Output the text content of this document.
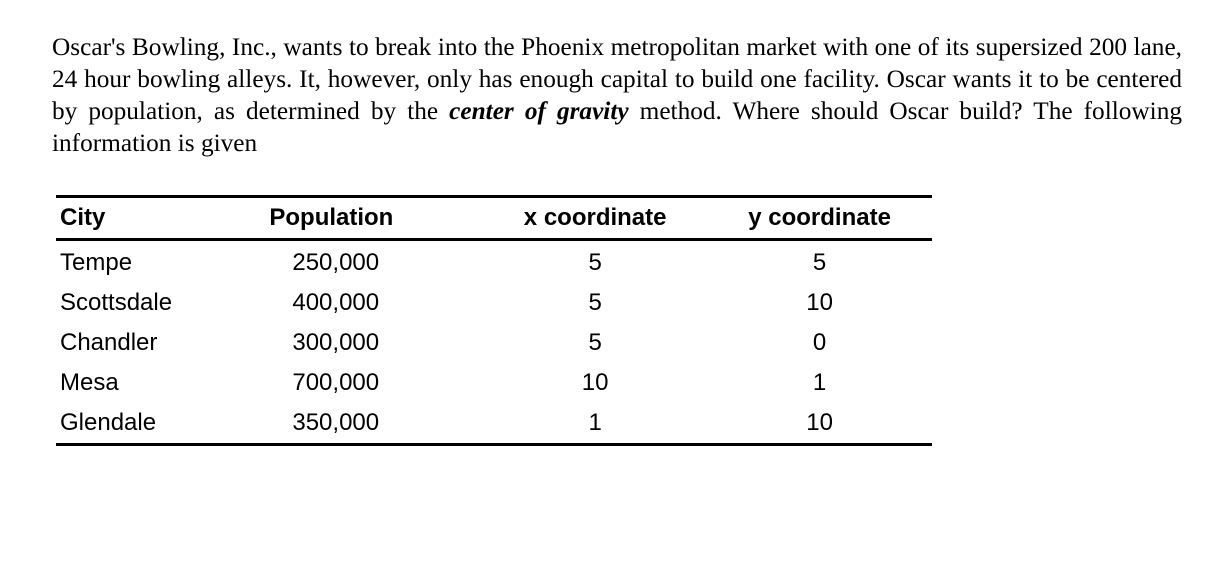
Oscar's Bowling, Inc., wants to break into the Phoenix metropolitan market with one of its supersized 200 lane, 24 hour bowling alleys. It, however, only has enough capital to build one facility. Oscar wants it to be centered by population, as determined by the center of gravity method. Where should Oscar build? The following information is given

City	Population	x coordinate	y coordinate
Tempe	250,000	5	5
Scottsdale	400,000	5	10
Chandler	300,000	5	0
Mesa	700,000	10	1
Glendale	350,000	1	10
